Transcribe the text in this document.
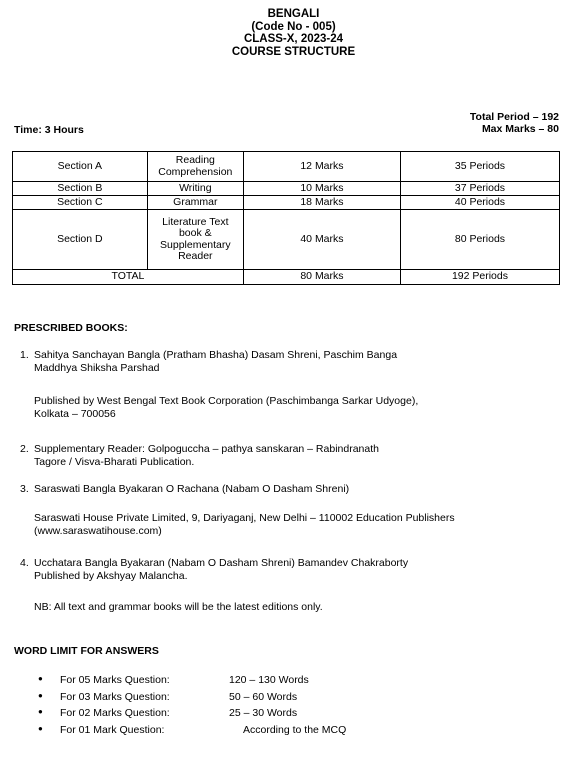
BENGALI
(Code No - 005)
CLASS-X, 2023-24
COURSE STRUCTURE
Time: 3 Hours
Total Period – 192
Max Marks – 80
Section A	Reading Comprehension	12 Marks	35 Periods
Section B	Writing	10 Marks	37 Periods
Section C	Grammar	18 Marks	40 Periods
Section D	Literature Text book & Supplementary Reader	40 Marks	80 Periods
TOTAL		80 Marks	192 Periods
PRESCRIBED BOOKS:
1. Sahitya Sanchayan Bangla (Pratham Bhasha) Dasam Shreni, Paschim Banga
Maddhya Shiksha Parshad
Published by West Bengal Text Book Corporation (Paschimbanga Sarkar Udyoge),
Kolkata – 700056
2. Supplementary Reader: Golpoguccha – pathya sanskaran – Rabindranath
Tagore / Visva-Bharati Publication.
3. Saraswati Bangla Byakaran O Rachana (Nabam O Dasham Shreni)
Saraswati House Private Limited, 9, Dariyaganj, New Delhi – 110002 Education Publishers
(www.saraswatihouse.com)
4. Ucchatara Bangla Byakaran (Nabam O Dasham Shreni) Bamandev Chakraborty
Published by Akshyay Malancha.
NB: All text and grammar books will be the latest editions only.
WORD LIMIT FOR ANSWERS
● For 05 Marks Question:	120 – 130 Words
● For 03 Marks Question:	50 – 60 Words
● For 02 Marks Question:	25 – 30 Words
● For 01 Mark Question:	According to the MCQ
